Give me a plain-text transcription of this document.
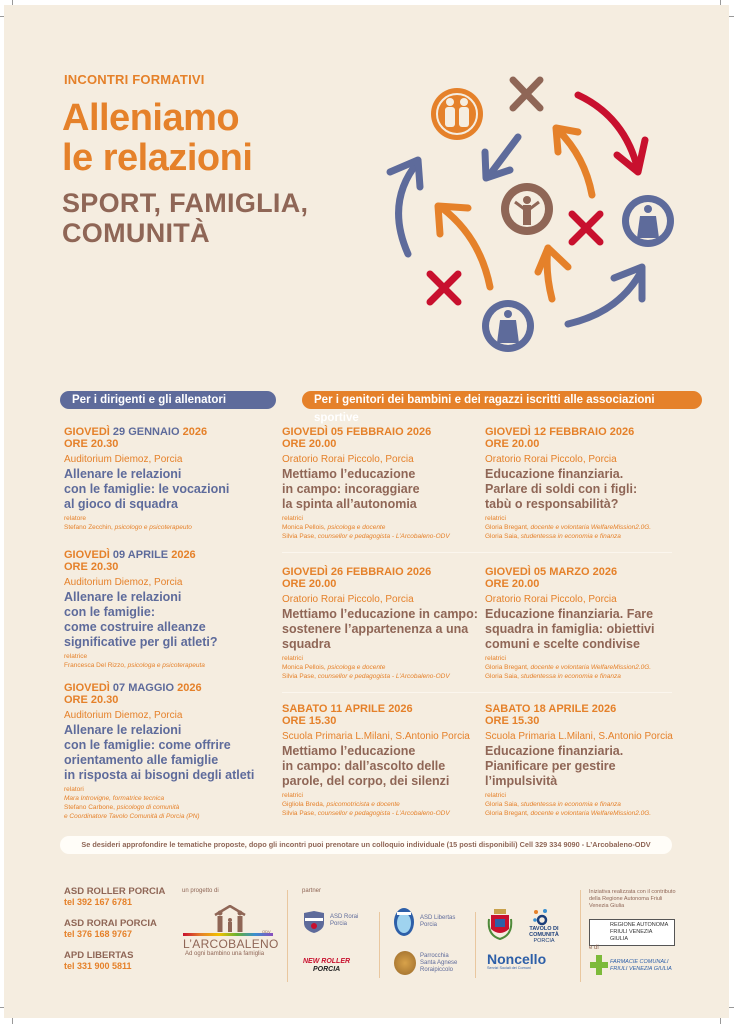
INCONTRI FORMATIVI
Alleniamo
le relazioni
SPORT, FAMIGLIA,
COMUNITÀ
Per i dirigenti e gli allenatori	Per i genitori dei bambini e dei ragazzi iscritti alle associazioni sportive
GIOVEDÌ 29 GENNAIO 2026
ORE 20.30
Auditorium Diemoz, Porcia
Allenare le relazioni
con le famiglie: le vocazioni
al gioco di squadra
relatore
Stefano Zecchin, psicologo e psicoterapeuto
GIOVEDÌ 09 APRILE 2026
ORE 20.30
Auditorium Diemoz, Porcia
Allenare le relazioni
con le famiglie:
come costruire alleanze
significative per gli atleti?
relatrice
Francesca Del Rizzo, psicologa e psicoterapeuta
GIOVEDÌ 07 MAGGIO 2026
ORE 20.30
Auditorium Diemoz, Porcia
Allenare le relazioni
con le famiglie: come offrire
orientamento alle famiglie
in risposta ai bisogni degli atleti
relatori
Mara Introvigne, formatrice tecnica
Stefano Carbone, psicologo di comunità
e Coordinatore Tavolo Comunità di Porcia (PN)
GIOVEDÌ 05 FEBBRAIO 2026
ORE 20.00
Oratorio Rorai Piccolo, Porcia
Mettiamo l’educazione
in campo: incoraggiare
la spinta all’autonomia
relatrici
Monica Pellois, psicologa e docente
Silvia Pase, counsellor e pedagogista - L’Arcobaleno-ODV
GIOVEDÌ 12 FEBBRAIO 2026
ORE 20.00
Oratorio Rorai Piccolo, Porcia
Educazione finanziaria.
Parlare di soldi con i figli:
tabù o responsabilità?
relatrici
Gloria Bregant, docente e volontaria WelfareMission2.0G.
Gloria Saia, studentessa in economia e finanza
GIOVEDÌ 26 FEBBRAIO 2026
ORE 20.00
Oratorio Rorai Piccolo, Porcia
Mettiamo l’educazione in campo:
sostenere l’appartenenza a una
squadra
relatrici
Monica Pellois, psicologa e docente
Silvia Pase, counsellor e pedagogista - L’Arcobaleno-ODV
GIOVEDÌ 05 MARZO 2026
ORE 20.00
Oratorio Rorai Piccolo, Porcia
Educazione finanziaria. Fare
squadra in famiglia: obiettivi
comuni e scelte condivise
relatrici
Gloria Bregant, docente e volontaria WelfareMission2.0G.
Gloria Saia, studentessa in economia e finanza
SABATO 11 APRILE 2026
ORE 15.30
Scuola Primaria L.Milani, S.Antonio Porcia
Mettiamo l’educazione
in campo: dall’ascolto delle
parole, del corpo, dei silenzi
relatrici
Gigliola Breda, psicomotricista e docente
Silvia Pase, counsellor e pedagogista - L’Arcobaleno-ODV
SABATO 18 APRILE 2026
ORE 15.30
Scuola Primaria L.Milani, S.Antonio Porcia
Educazione finanziaria.
Pianificare per gestire
l’impulsività
relatrici
Gloria Saia, studentessa in economia e finanza
Gloria Bregant, docente e volontaria WelfareMission2.0G.
Se desideri approfondire le tematiche proposte, dopo gli incontri puoi prenotare un colloquio individuale (15 posti disponibili) Cell 329 334 9090 - L’Arcobaleno-ODV
ASD ROLLER PORCIA
tel 392 167 6781
ASD RORAI PORCIA
tel 376 168 9767
APD LIBERTAS
tel 331 900 5811
un progetto di
ODV
L’ARCOBALENO
Ad ogni bambino una famiglia
partner
ASD Rorai Porcia
NEW ROLLER
PORCIA
ASD Libertas Porcia
Parrocchia Santa Agnese Roraipiccolo
TAVOLO DI COMUNITÀ
PORCIA
Noncello
Servizi Sociali dei Comuni
Iniziativa realizzata con il contributo della Regione Autonoma Friuli Venezia Giulia
REGIONE AUTONOMA FRIULI VENEZIA GIULIA
e di
FARMACIE COMUNALI FRIULI VENEZIA GIULIA
